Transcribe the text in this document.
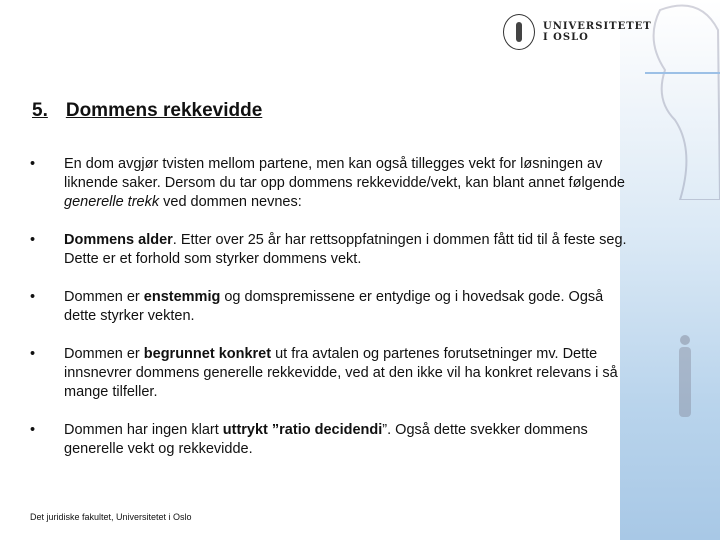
UNIVERSITETET
I OSLO
5. Dommens rekkevidde
• En dom avgjør tvisten mellom partene, men kan også tillegges vekt for løsningen av liknende saker. Dersom du tar opp dommens rekkevidde/vekt, kan blant annet følgende generelle trekk ved dommen nevnes:
• Dommens alder. Etter over 25 år har rettsoppfatningen i dommen fått tid til å feste seg. Dette er et forhold som styrker dommens vekt.
• Dommen er enstemmig og domspremissene er entydige og i hovedsak gode. Også dette styrker vekten.
• Dommen er begrunnet konkret ut fra avtalen og partenes forutsetninger mv. Dette innsnevrer dommens generelle rekkevidde, ved at den ikke vil ha konkret relevans i så mange tilfeller.
• Dommen har ingen klart uttrykt ”ratio decidendi”. Også dette svekker dommens generelle vekt og rekkevidde.
Det juridiske fakultet, Universitetet i Oslo
